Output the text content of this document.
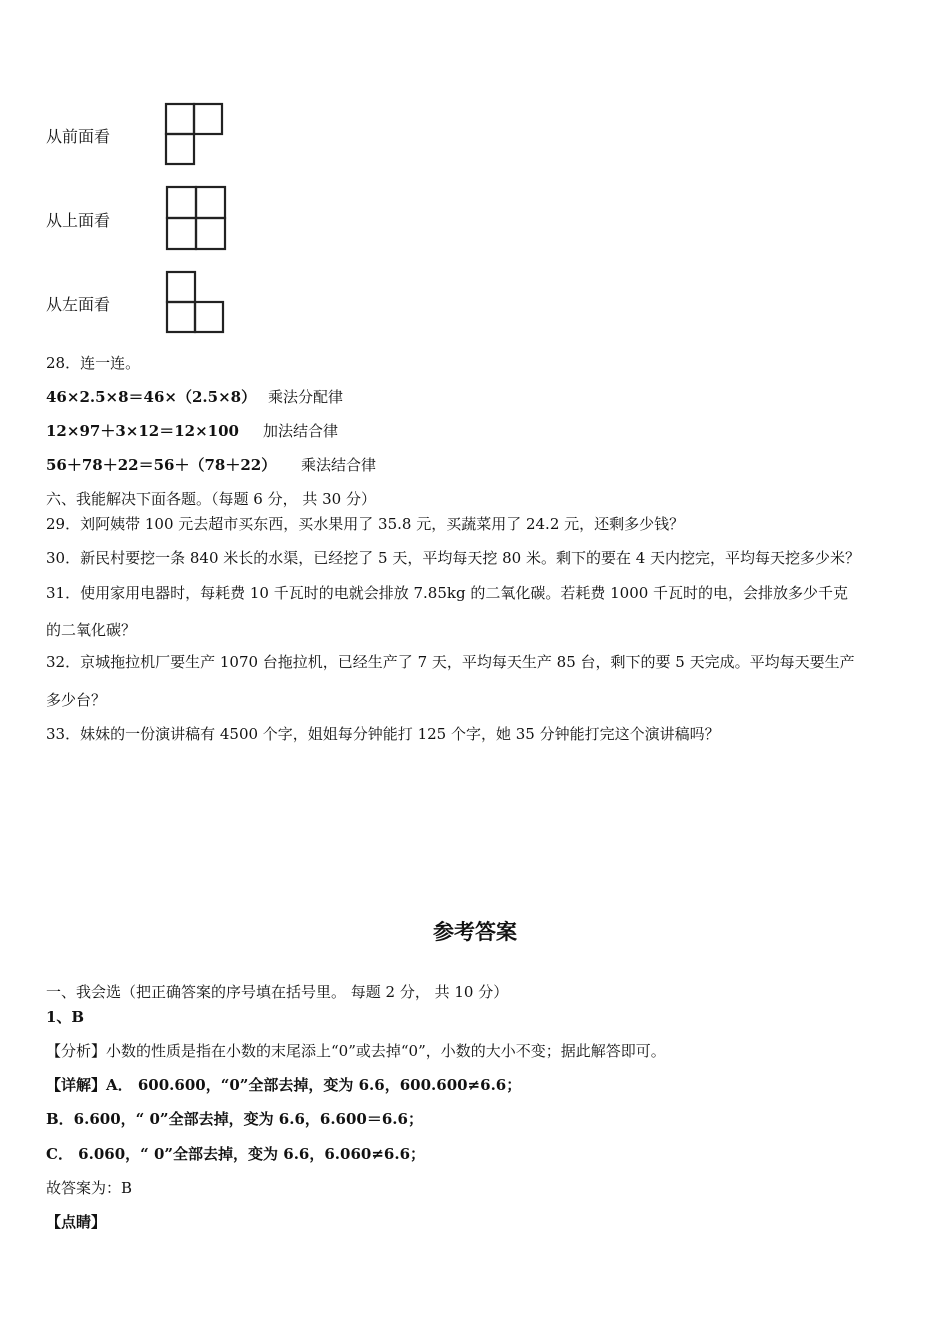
从前面看
从上面看
从左面看
28．连一连。
46×2.5×8＝46×（2.5×8） 乘法分配律
12×97＋3×12＝12×100 加法结合律
56＋78＋22＝56＋（78＋22） 乘法结合律
六、我能解决下面各题。（每题 6 分， 共 30 分）
29．刘阿姨带 100 元去超市买东西，买水果用了 35.8 元，买蔬菜用了 24.2 元，还剩多少钱？
30．新民村要挖一条 840 米长的水渠，已经挖了 5 天，平均每天挖 80 米。剩下的要在 4 天内挖完，平均每天挖多少米？
31．使用家用电器时，每耗费 10 千瓦时的电就会排放 7.85kg 的二氧化碳。若耗费 1000 千瓦时的电，会排放多少千克
的二氧化碳？
32．京城拖拉机厂要生产 1070 台拖拉机，已经生产了 7 天，平均每天生产 85 台，剩下的要 5 天完成。平均每天要生产
多少台？
33．妹妹的一份演讲稿有 4500 个字，姐姐每分钟能打 125 个字，她 35 分钟能打完这个演讲稿吗？
参考答案
一、我会选（把正确答案的序号填在括号里。 每题 2 分， 共 10 分）
1、B
【分析】小数的性质是指在小数的末尾添上“0”或去掉“0”，小数的大小不变；据此解答即可。
【详解】A． 600.600，“0”全部去掉，变为 6.6，600.600≠6.6；
B．6.600，“ 0”全部去掉，变为 6.6，6.600＝6.6；
C． 6.060，“ 0”全部去掉，变为 6.6，6.060≠6.6；
故答案为：B
【点睛】
